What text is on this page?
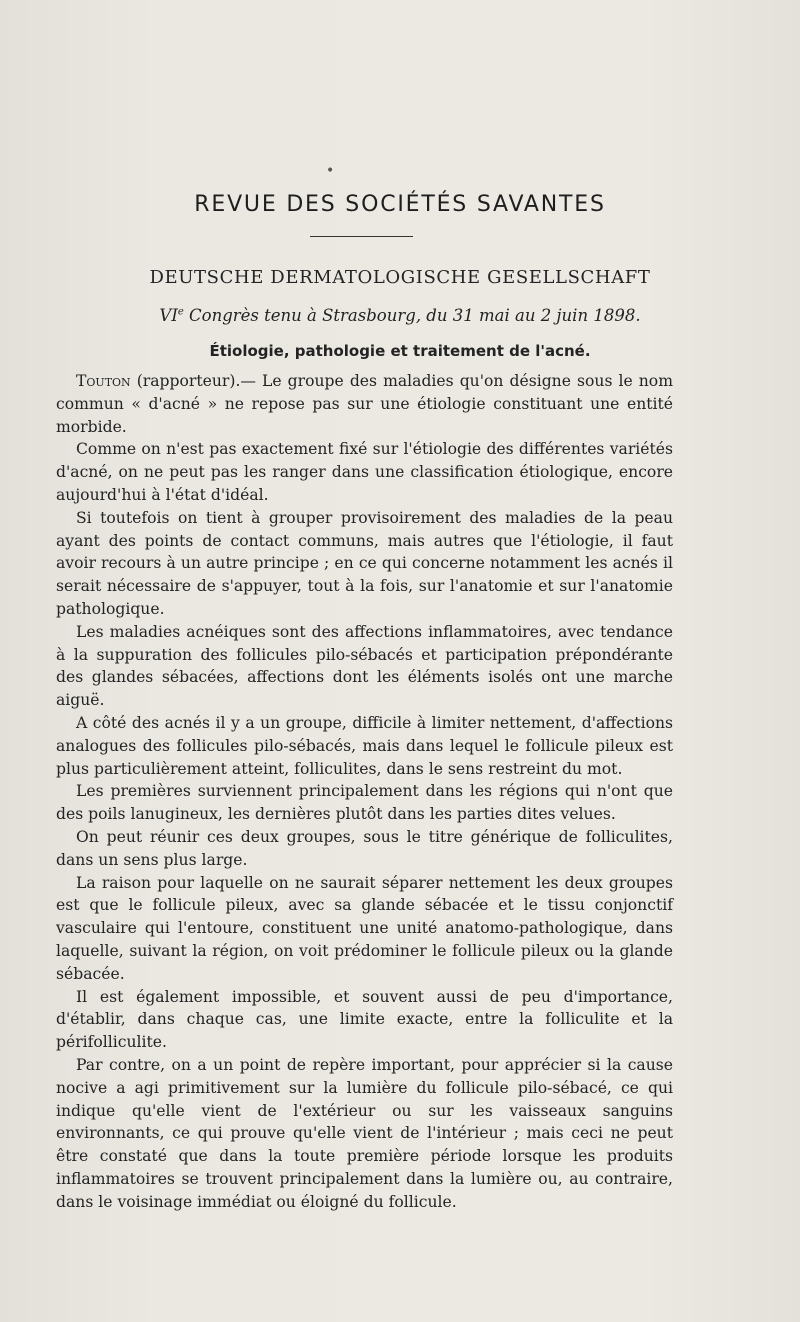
•
REVUE DES SOCIÉTÉS SAVANTES
DEUTSCHE DERMATOLOGISCHE GESELLSCHAFT
VIe Congrès tenu à Strasbourg, du 31 mai au 2 juin 1898.
Étiologie, pathologie et traitement de l'acné.

Touton (rapporteur).— Le groupe des maladies qu'on désigne sous le nom commun « d'acné » ne repose pas sur une étiologie constituant une entité morbide.

Comme on n'est pas exactement fixé sur l'étiologie des différentes variétés d'acné, on ne peut pas les ranger dans une classification étiologique, encore aujourd'hui à l'état d'idéal.

Si toutefois on tient à grouper provisoirement des maladies de la peau ayant des points de contact communs, mais autres que l'étiologie, il faut avoir recours à un autre principe ; en ce qui concerne notamment les acnés il serait nécessaire de s'appuyer, tout à la fois, sur l'anatomie et sur l'anatomie pathologique.

Les maladies acnéiques sont des affections inflammatoires, avec tendance à la suppuration des follicules pilo-sébacés et participation prépondérante des glandes sébacées, affections dont les éléments isolés ont une marche aiguë.

A côté des acnés il y a un groupe, difficile à limiter nettement, d'affections analogues des follicules pilo-sébacés, mais dans lequel le follicule pileux est plus particulièrement atteint, folliculites, dans le sens restreint du mot.

Les premières surviennent principalement dans les régions qui n'ont que des poils lanugineux, les dernières plutôt dans les parties dites velues.

On peut réunir ces deux groupes, sous le titre générique de folliculites, dans un sens plus large.

La raison pour laquelle on ne saurait séparer nettement les deux groupes est que le follicule pileux, avec sa glande sébacée et le tissu conjonctif vasculaire qui l'entoure, constituent une unité anatomo-pathologique, dans laquelle, suivant la région, on voit prédominer le follicule pileux ou la glande sébacée.

Il est également impossible, et souvent aussi de peu d'importance, d'établir, dans chaque cas, une limite exacte, entre la folliculite et la périfolliculite.

Par contre, on a un point de repère important, pour apprécier si la cause nocive a agi primitivement sur la lumière du follicule pilo-sébacé, ce qui indique qu'elle vient de l'extérieur ou sur les vaisseaux sanguins environnants, ce qui prouve qu'elle vient de l'intérieur ; mais ceci ne peut être constaté que dans la toute première période lorsque les produits inflammatoires se trouvent principalement dans la lumière ou, au contraire, dans le voisinage immédiat ou éloigné du follicule.
